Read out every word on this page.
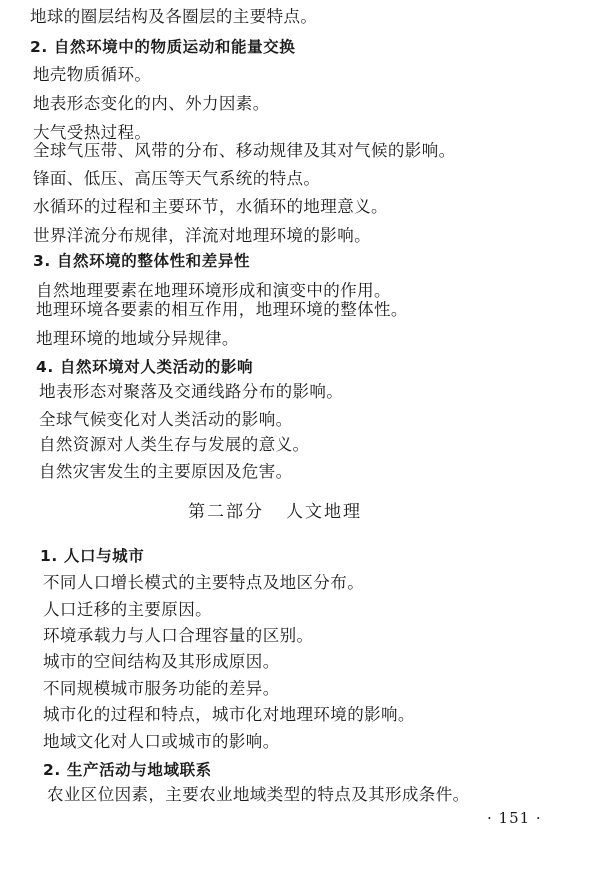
地球的圈层结构及各圈层的主要特点。
2. 自然环境中的物质运动和能量交换
地壳物质循环。
地表形态变化的内、外力因素。
大气受热过程。
全球气压带、风带的分布、移动规律及其对气候的影响。
锋面、低压、高压等天气系统的特点。
水循环的过程和主要环节，水循环的地理意义。
世界洋流分布规律，洋流对地理环境的影响。
3. 自然环境的整体性和差异性
自然地理要素在地理环境形成和演变中的作用。
地理环境各要素的相互作用，地理环境的整体性。
地理环境的地域分异规律。
4. 自然环境对人类活动的影响
地表形态对聚落及交通线路分布的影响。
全球气候变化对人类活动的影响。
自然资源对人类生存与发展的意义。
自然灾害发生的主要原因及危害。
第二部分 人文地理
1. 人口与城市
不同人口增长模式的主要特点及地区分布。
人口迁移的主要原因。
环境承载力与人口合理容量的区别。
城市的空间结构及其形成原因。
不同规模城市服务功能的差异。
城市化的过程和特点，城市化对地理环境的影响。
地域文化对人口或城市的影响。
2. 生产活动与地域联系
农业区位因素，主要农业地域类型的特点及其形成条件。
· 151 ·
